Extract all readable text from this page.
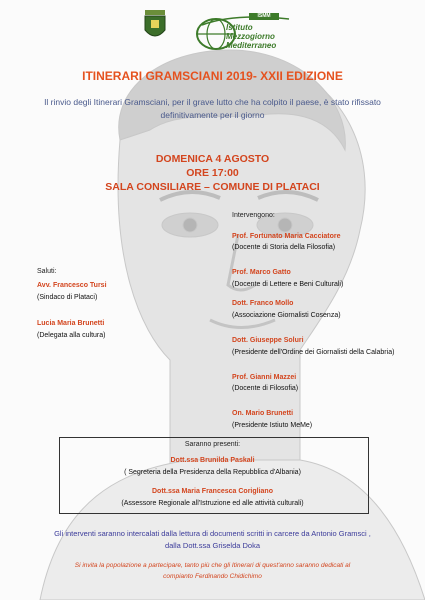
ISMM
Istituto
Mezzogiorno
Mediterraneo
ITINERARI GRAMSCIANI 2019- XXII EDIZIONE
Il rinvio degli Itinerari Gramsciani, per il grave lutto che ha colpito il paese, è stato rifissato
definitivamente per il giorno
DOMENICA 4 AGOSTO
ORE 17:00
SALA CONSILIARE – COMUNE DI PLATACI
Saluti:
Avv. Francesco Tursi
(Sindaco di Plataci)
Lucia Maria Brunetti
(Delegata alla cultura)
Intervengono:
Prof. Fortunato Maria Cacciatore
(Docente di Storia della Filosofia)
Prof. Marco Gatto
(Docente di Lettere e Beni Culturali)
Dott. Franco Mollo
(Associazione Giornalisti Cosenza)
Dott. Giuseppe Soluri
(Presidente dell'Ordine dei Giornalisti della Calabria)
Prof. Gianni Mazzei
(Docente di Filosofia)
On. Mario Brunetti
(Presidente Istiuto MeMe)
Saranno presenti:
Dott.ssa Brunilda Paskali
( Segreteria della Presidenza della Repubblica d'Albania)
Dott.ssa Maria Francesca Corigliano
(Assessore Regionale all'Istruzione ed alle attività culturali)
Gli interventi saranno intercalati dalla lettura di documenti scritti in carcere da Antonio Gramsci ,
dalla Dott.ssa Griselda Doka
Si invita la popolazione a partecipare, tanto più che gli Itinerari di quest'anno saranno dedicati al
compianto Ferdinando Chidichimo
